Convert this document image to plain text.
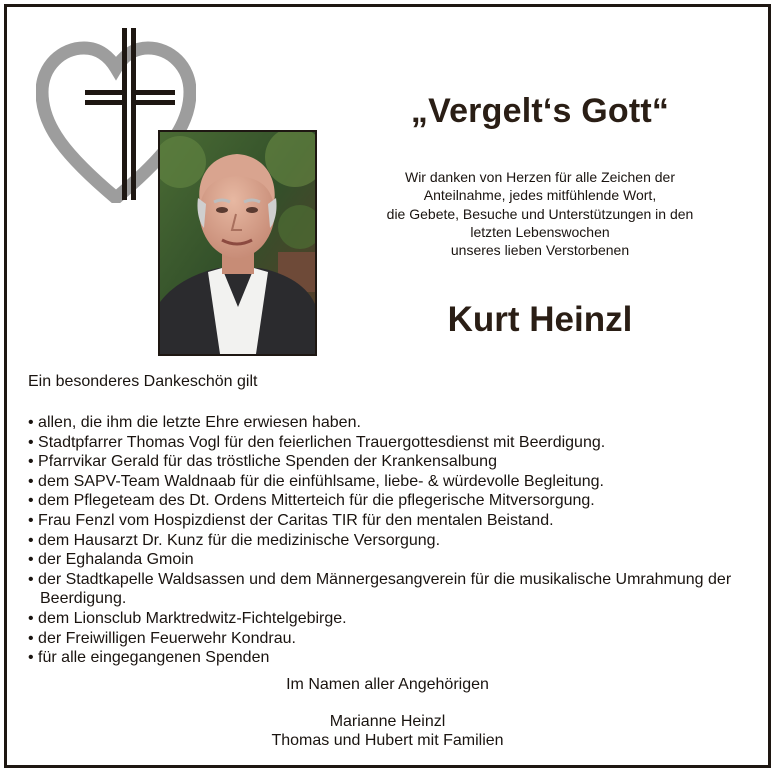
„Vergelt‘s Gott“
Wir danken von Herzen für alle Zeichen der
Anteilnahme, jedes mitfühlende Wort,
die Gebete, Besuche und Unterstützungen in den
letzten Lebenswochen
unseres lieben Verstorbenen
Kurt Heinzl
Ein besonderes Dankeschön gilt
• allen, die ihm die letzte Ehre erwiesen haben.
• Stadtpfarrer Thomas Vogl für den feierlichen Trauergottesdienst mit Beerdigung.
• Pfarrvikar Gerald für das tröstliche Spenden der Krankensalbung
• dem SAPV-Team Waldnaab für die einfühlsame, liebe- & würdevolle Begleitung.
• dem Pflegeteam des Dt. Ordens Mitterteich für die pflegerische Mitversorgung.
• Frau Fenzl vom Hospizdienst der Caritas TIR für den mentalen Beistand.
• dem Hausarzt Dr. Kunz für die medizinische Versorgung.
• der Eghalanda Gmoin
• der Stadtkapelle Waldsassen und dem Männergesangverein für die musikalische Umrahmung der Beerdigung.
• dem Lionsclub Marktredwitz-Fichtelgebirge.
• der Freiwilligen Feuerwehr Kondrau.
• für alle eingegangenen Spenden
Im Namen aller Angehörigen
Marianne Heinzl
Thomas und Hubert mit Familien
